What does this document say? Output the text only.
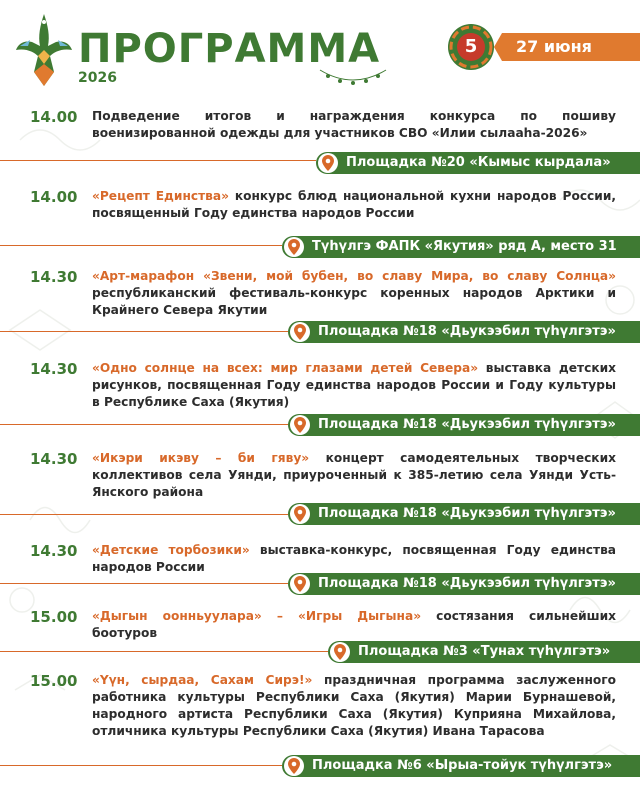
ПРОГРАММА
2026
5	27 июня
14.00	Подведение итогов и награждения конкурса по пошиву военизированной одежды для участников СВО «Илии сылааhа-2026»
Площадка №20 «Кымыс кырдала»
14.00	«Рецепт Единства» конкурс блюд национальной кухни народов России, посвященный Году единства народов России
Түһүлгэ ФАПК «Якутия» ряд А, место 31
14.30	«Арт-марафон «Звени, мой бубен, во славу Мира, во славу Солнца» республиканский фестиваль-конкурс коренных народов Арктики и Крайнего Севера Якутии
Площадка №18 «Дьукээбил түһүлгэтэ»
14.30	«Одно солнце на всех: мир глазами детей Севера» выставка детских рисунков, посвященная Году единства народов России и Году культуры в Республике Саха (Якутия)
Площадка №18 «Дьукээбил түһүлгэтэ»
14.30	«Икэри икэву – би гяву» концерт самодеятельных творческих коллективов села Уянди, приуроченный к 385-летию села Уянди Усть-Янского района
Площадка №18 «Дьукээбил түһүлгэтэ»
14.30	«Детские торбозики» выставка-конкурс, посвященная Году единства народов России
Площадка №18 «Дьукээбил түһүлгэтэ»
15.00	«Дыгын оонньуулара» – «Игры Дыгына» состязания сильнейших боотуров
Площадка №3 «Тунах түһүлгэтэ»
15.00	«Үүн, сырдаа, Сахам Сирэ!» праздничная программа заслуженного работника культуры Республики Саха (Якутия) Марии Бурнашевой, народного артиста Республики Саха (Якутия) Куприяна Михайлова, отличника культуры Республики Саха (Якутия) Ивана Тарасова
Площадка №6 «Ырыа-тойук түһүлгэтэ»
